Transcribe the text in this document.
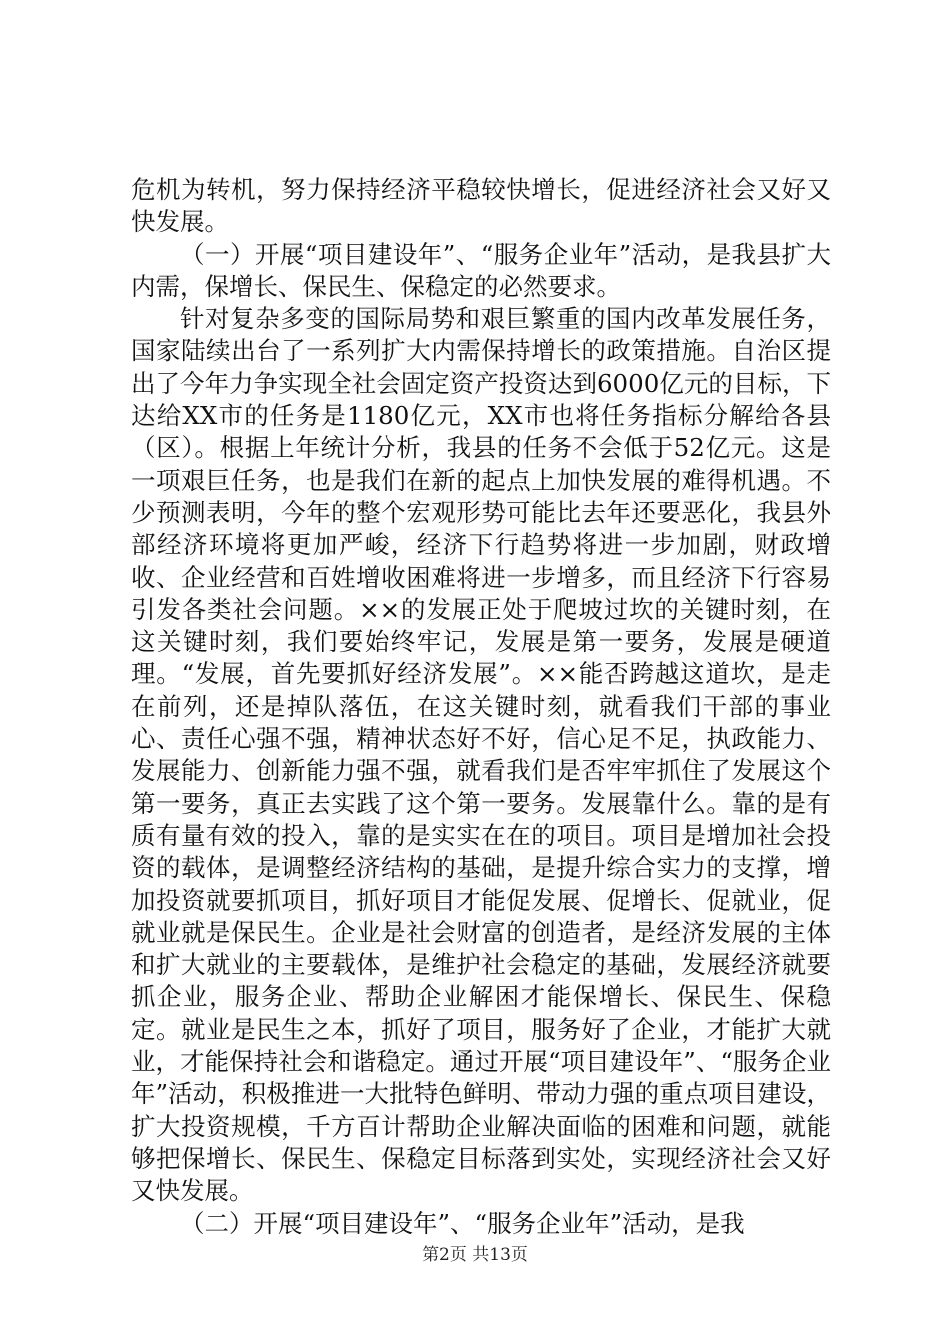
危机为转机，努力保持经济平稳较快增长，促进经济社会又好又快发展。

（一）开展“项目建设年”、“服务企业年”活动，是我县扩大内需，保增长、保民生、保稳定的必然要求。

针对复杂多变的国际局势和艰巨繁重的国内改革发展任务，国家陆续出台了一系列扩大内需保持增长的政策措施。自治区提出了今年力争实现全社会固定资产投资达到6000亿元的目标，下达给XX市的任务是1180亿元，XX市也将任务指标分解给各县（区）。根据上年统计分析，我县的任务不会低于52亿元。这是一项艰巨任务，也是我们在新的起点上加快发展的难得机遇。不少预测表明，今年的整个宏观形势可能比去年还要恶化，我县外部经济环境将更加严峻，经济下行趋势将进一步加剧，财政增收、企业经营和百姓增收困难将进一步增多，而且经济下行容易引发各类社会问题。××的发展正处于爬坡过坎的关键时刻，在这关键时刻，我们要始终牢记，发展是第一要务，发展是硬道理。“发展，首先要抓好经济发展”。××能否跨越这道坎，是走在前列，还是掉队落伍，在这关键时刻，就看我们干部的事业心、责任心强不强，精神状态好不好，信心足不足，执政能力、发展能力、创新能力强不强，就看我们是否牢牢抓住了发展这个第一要务，真正去实践了这个第一要务。发展靠什么。靠的是有质有量有效的投入，靠的是实实在在的项目。项目是增加社会投资的载体，是调整经济结构的基础，是提升综合实力的支撑，增加投资就要抓项目，抓好项目才能促发展、促增长、促就业，促就业就是保民生。企业是社会财富的创造者，是经济发展的主体和扩大就业的主要载体，是维护社会稳定的基础，发展经济就要抓企业，服务企业、帮助企业解困才能保增长、保民生、保稳定。就业是民生之本，抓好了项目，服务好了企业，才能扩大就业，才能保持社会和谐稳定。通过开展“项目建设年”、“服务企业年”活动，积极推进一大批特色鲜明、带动力强的重点项目建设，扩大投资规模，千方百计帮助企业解决面临的困难和问题，就能够把保增长、保民生、保稳定目标落到实处，实现经济社会又好又快发展。

（二）开展“项目建设年”、“服务企业年”活动，是我

第2页 共13页
